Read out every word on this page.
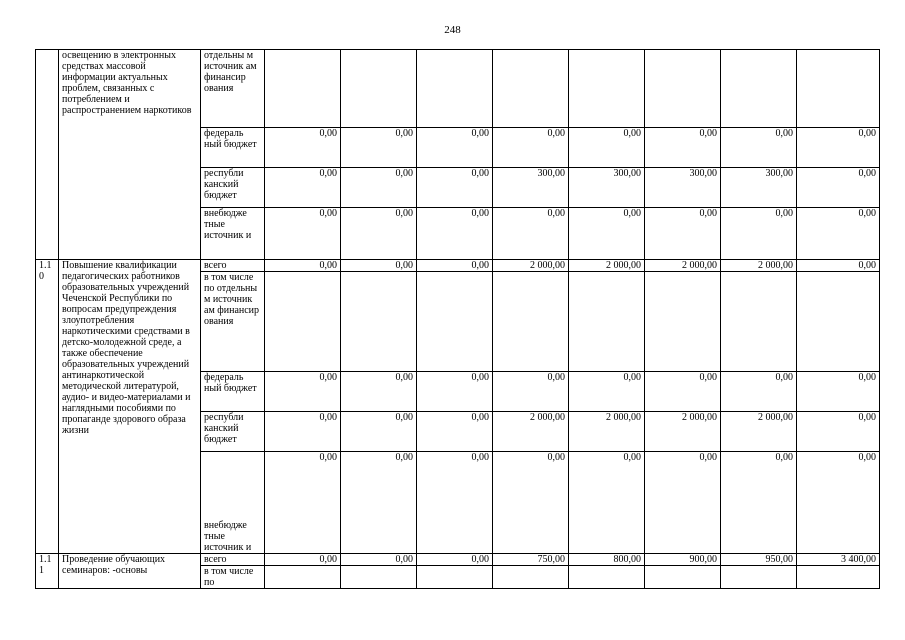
248
	освещению в электронных средствах массовой информации актуальных проблем, связанных с потреблением и распространением наркотиков	отдельны м источник ам финансир ования								
		федераль ный бюджет	0,00	0,00	0,00	0,00	0,00	0,00	0,00	0,00
		республи канский бюджет	0,00	0,00	0,00	300,00	300,00	300,00	300,00	0,00
		внебюдже тные источник и	0,00	0,00	0,00	0,00	0,00	0,00	0,00	0,00
1.1 0	Повышение квалификации педагогических работников образовательных учреждений Чеченской Республики по вопросам предупреждения злоупотребления наркотическими средствами в детско-молодежной среде, а также обеспечение образовательных учреждений антинаркотической методической литературой, аудио- и видео-материалами и наглядными пособиями по пропаганде здорового образа жизни	всего	0,00	0,00	0,00	2 000,00	2 000,00	2 000,00	2 000,00	0,00
		в том числе по отдельны м источник ам финансир ования								
		федераль ный бюджет	0,00	0,00	0,00	0,00	0,00	0,00	0,00	0,00
		республи канский бюджет	0,00	0,00	0,00	2 000,00	2 000,00	2 000,00	2 000,00	0,00
		внебюдже тные источник и	0,00	0,00	0,00	0,00	0,00	0,00	0,00	0,00
1.1 1	Проведение обучающих семинаров: -основы	всего	0,00	0,00	0,00	750,00	800,00	900,00	950,00	3 400,00
		в том числе по								
